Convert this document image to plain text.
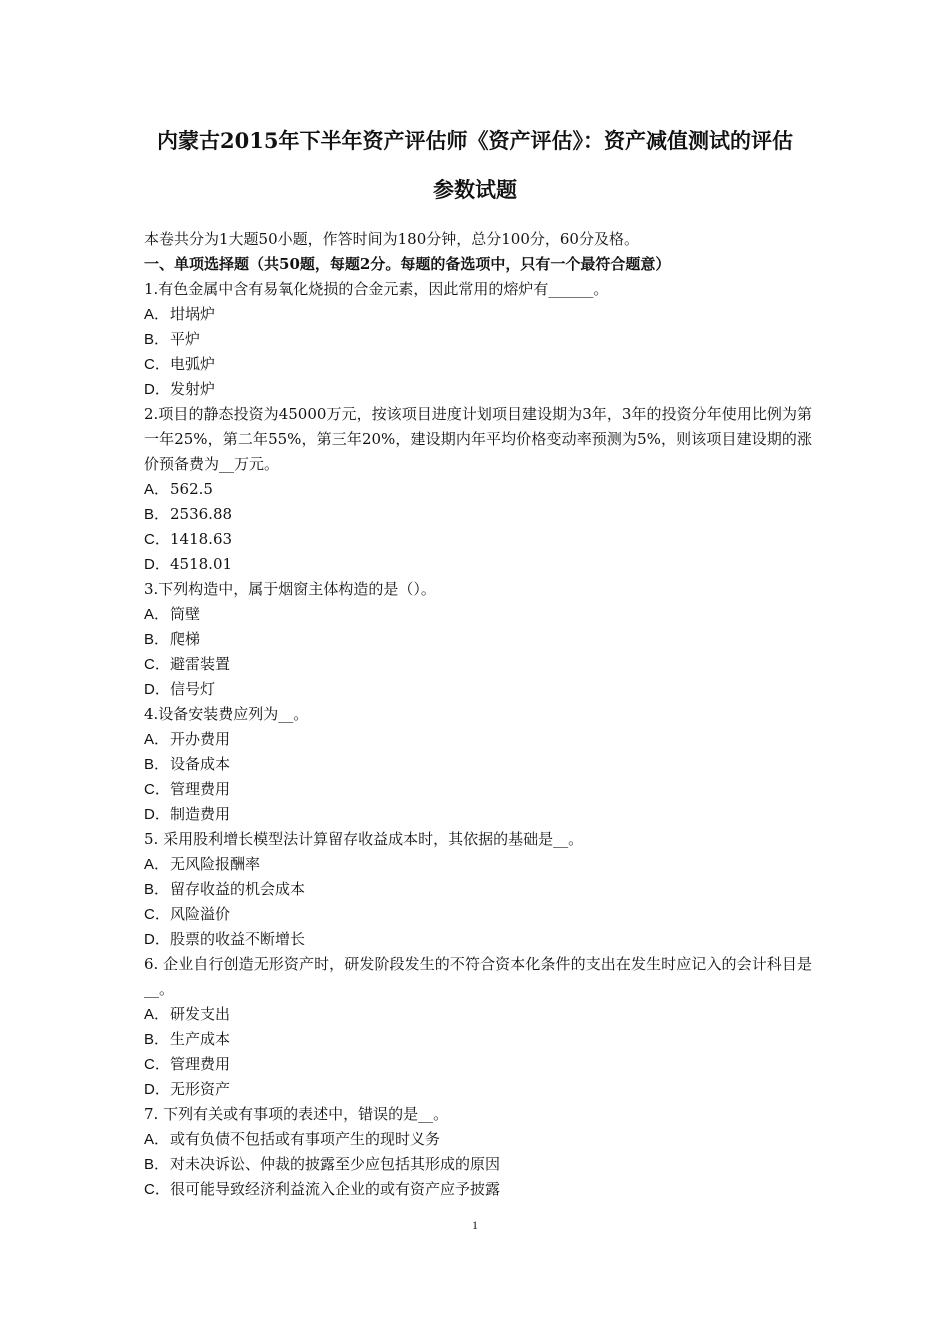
内蒙古2015年下半年资产评估师《资产评估》：资产减值测试的评估
参数试题
本卷共分为1大题50小题，作答时间为180分钟，总分100分，60分及格。
一、单项选择题（共50题，每题2分。每题的备选项中，只有一个最符合题意）
1.有色金属中含有易氧化烧损的合金元素，因此常用的熔炉有______。
A．坩埚炉
B．平炉
C．电弧炉
D．发射炉
2.项目的静态投资为45000万元，按该项目进度计划项目建设期为3年，3年的投资分年使用比例为第一年25%，第二年55%，第三年20%，建设期内年平均价格变动率预测为5%，则该项目建设期的涨价预备费为__万元。
A．562.5
B．2536.88
C．1418.63
D．4518.01
3.下列构造中，属于烟窗主体构造的是（）。
A．筒壁
B．爬梯
C．避雷装置
D．信号灯
4.设备安装费应列为__。
A．开办费用
B．设备成本
C．管理费用
D．制造费用
5. 采用股利增长模型法计算留存收益成本时，其依据的基础是__。
A．无风险报酬率
B．留存收益的机会成本
C．风险溢价
D．股票的收益不断增长
6. 企业自行创造无形资产时，研发阶段发生的不符合资本化条件的支出在发生时应记入的会计科目是__。
A．研发支出
B．生产成本
C．管理费用
D．无形资产
7. 下列有关或有事项的表述中，错误的是__。
A．或有负债不包括或有事项产生的现时义务
B．对未决诉讼、仲裁的披露至少应包括其形成的原因
C．很可能导致经济利益流入企业的或有资产应予披露
1
